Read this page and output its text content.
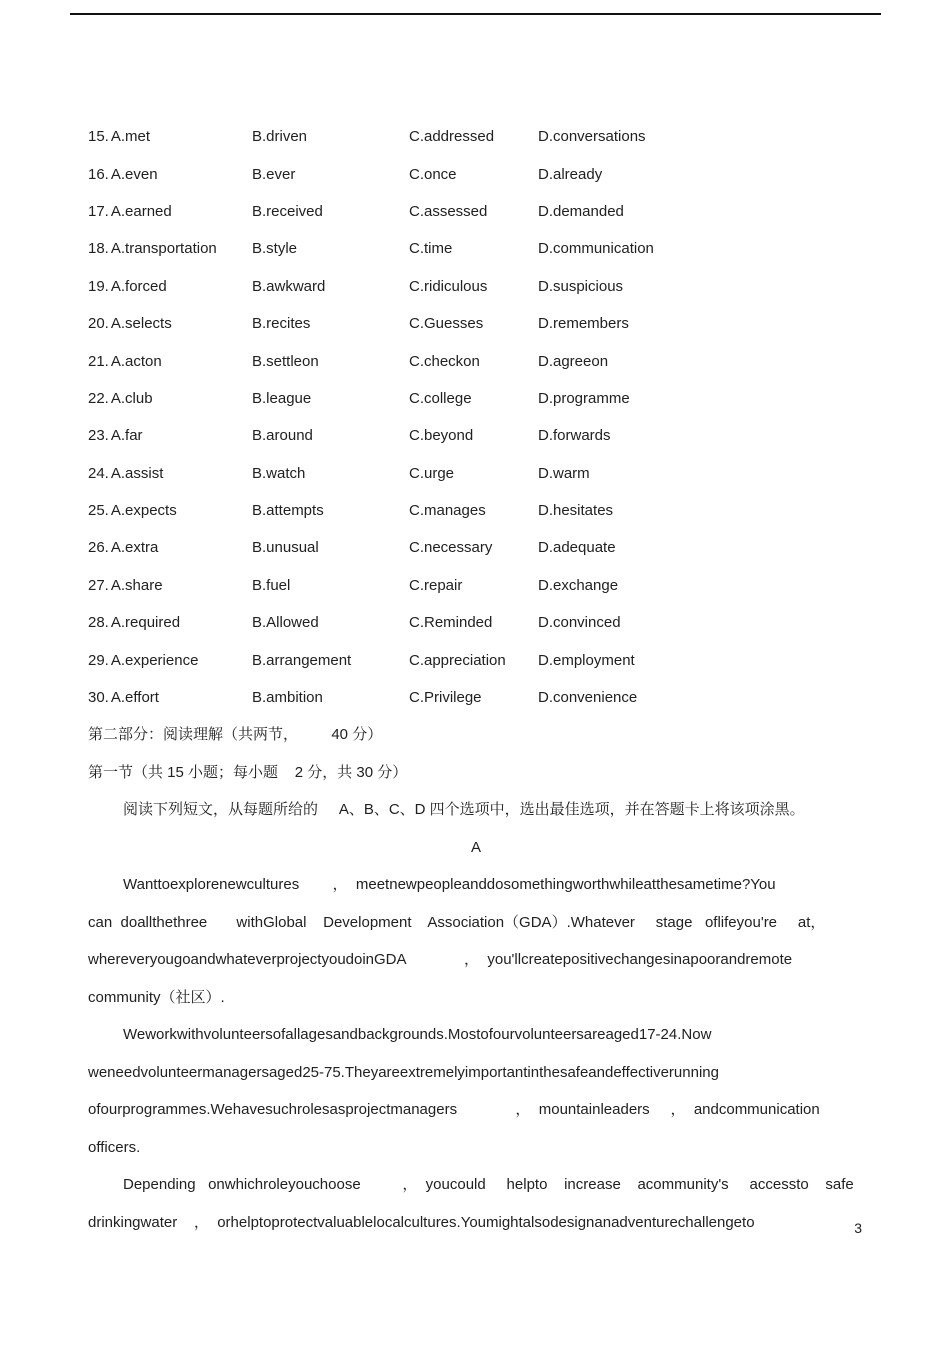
15. A.met	B.driven	C.addressed	D.conversations
16. A.even	B.ever	C.once	D.already
17. A.earned	B.received	C.assessed	D.demanded
18. A.transportation	B.style	C.time	D.communication
19. A.forced	B.awkward	C.ridiculous	D.suspicious
20. A.selects	B.recites	C.Guesses	D.remembers
21. A.acton	B.settleon	C.checkon	D.agreeon
22. A.club	B.league	C.college	D.programme
23. A.far	B.around	C.beyond	D.forwards
24. A.assist	B.watch	C.urge	D.warm
25. A.expects	B.attempts	C.manages	D.hesitates
26. A.extra	B.unusual	C.necessary	D.adequate
27. A.share	B.fuel	C.repair	D.exchange
28. A.required	B.Allowed	C.Reminded	D.convinced
29. A.experience	B.arrangement	C.appreciation	D.employment
30. A.effort	B.ambition	C.Privilege	D.convenience

第二部分：阅读理解（共两节，        40 分）

第一节（共 15 小题；每小题    2 分，共 30 分）

阅读下列短文，从每题所给的     A、B、C、D 四个选项中，选出最佳选项，并在答题卡上将该项涂黑。

A

Wanttoexplorenewcultures        ，  meetnewpeopleanddosomethingworthwhileatthesametime?You

can  doallthethree       withGlobal    Development    Association（GDA）.Whatever     stage   oflifeyou're     at，

whereveryougoandwhateverprojectyoudoinGDA              ，  you'llcreatepositivechangesinapoorandremote

community（社区）.

Weworkwithvolunteersofallagesandbackgrounds.Mostofourvolunteersareaged17-24.Now

weneedvolunteermanagersaged25-75.Theyareextremelyimportantinthesafeandeffectiverunning

ofourprogrammes.Wehavesuchrolesasprojectmanagers              ，  mountainleaders     ，  andcommunication

officers.

Depending   onwhichroleyouchoose          ，  youcould     helpto    increase    acommunity's     accessto    safe

drinkingwater    ，  orhelptoprotectvaluablelocalcultures.Youmightalsodesignanadventurechallengeto	3
